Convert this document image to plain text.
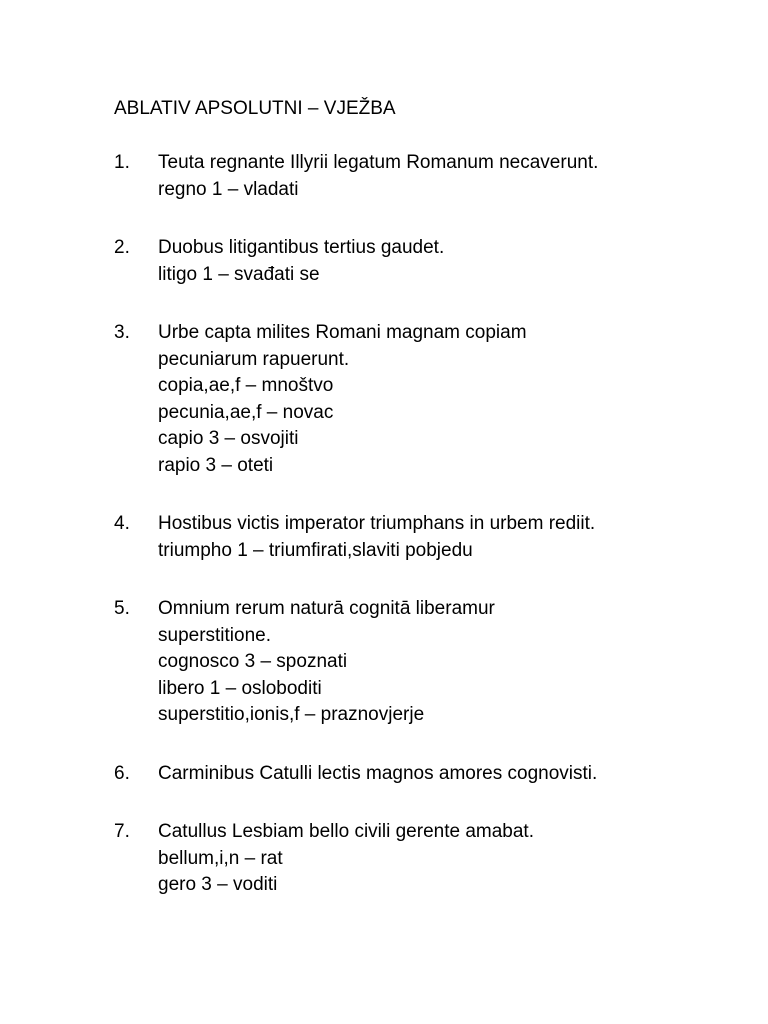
ABLATIV APSOLUTNI – VJEŽBA
1. Teuta regnante Illyrii legatum Romanum necaverunt.
regno 1 – vladati
2. Duobus litigantibus tertius gaudet.
litigo 1 – svađati se
3. Urbe capta milites Romani magnam copiam
pecuniarum rapuerunt.
copia,ae,f – mnoštvo
pecunia,ae,f – novac
capio 3 – osvojiti
rapio 3 – oteti
4. Hostibus victis imperator triumphans in urbem rediit.
triumpho 1 – triumfirati,slaviti pobjedu
5. Omnium rerum naturā cognitā liberamur
superstitione.
cognosco 3 – spoznati
libero 1 – osloboditi
superstitio,ionis,f – praznovjerje
6. Carminibus Catulli lectis magnos amores cognovisti.
7. Catullus Lesbiam bello civili gerente amabat.
bellum,i,n – rat
gero 3 – voditi
